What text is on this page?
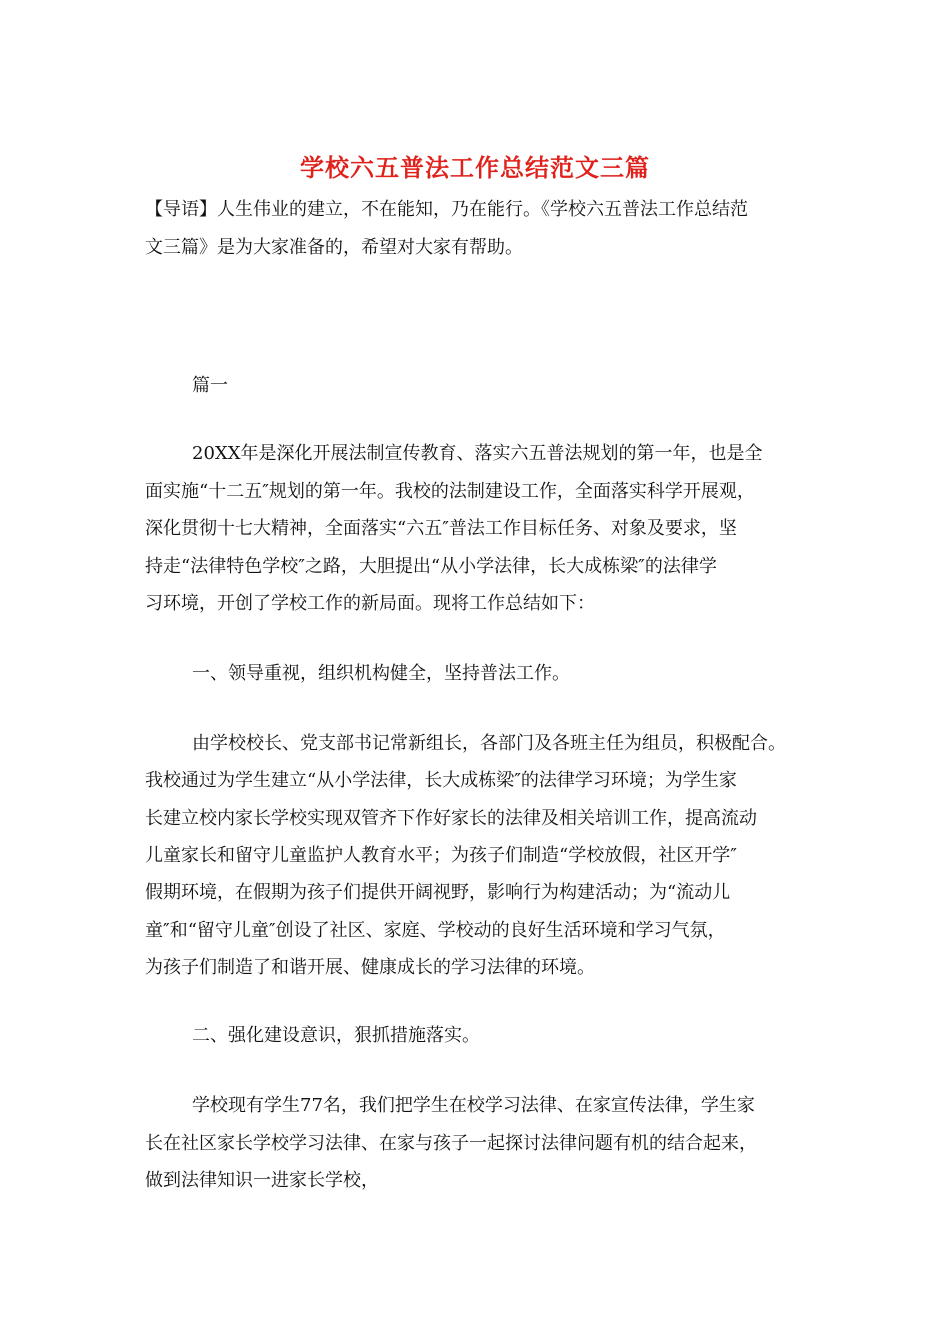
学校六五普法工作总结范文三篇

【导语】人生伟业的建立，不在能知，乃在能行。《学校六五普法工作总结范

文三篇》是为大家准备的，希望对大家有帮助。

篇一

20XX年是深化开展法制宣传教育、落实六五普法规划的第一年，也是全

面实施“十二五″规划的第一年。我校的法制建设工作，全面落实科学开展观，

深化贯彻十七大精神，全面落实“六五″普法工作目标任务、对象及要求，坚

持走“法律特色学校″之路，大胆提出“从小学法律，长大成栋梁″的法律学

习环境，开创了学校工作的新局面。现将工作总结如下：

一、领导重视，组织机构健全，坚持普法工作。

由学校校长、党支部书记常新组长，各部门及各班主任为组员，积极配合。

我校通过为学生建立“从小学法律，长大成栋梁″的法律学习环境；为学生家

长建立校内家长学校实现双管齐下作好家长的法律及相关培训工作，提高流动

儿童家长和留守儿童监护人教育水平；为孩子们制造“学校放假，社区开学″

假期环境，在假期为孩子们提供开阔视野，影响行为构建活动；为“流动儿

童″和“留守儿童″创设了社区、家庭、学校动的良好生活环境和学习气氛，

为孩子们制造了和谐开展、健康成长的学习法律的环境。

二、强化建设意识，狠抓措施落实。

学校现有学生77名，我们把学生在校学习法律、在家宣传法律，学生家

长在社区家长学校学习法律、在家与孩子一起探讨法律问题有机的结合起来，

做到法律知识一进家长学校，
